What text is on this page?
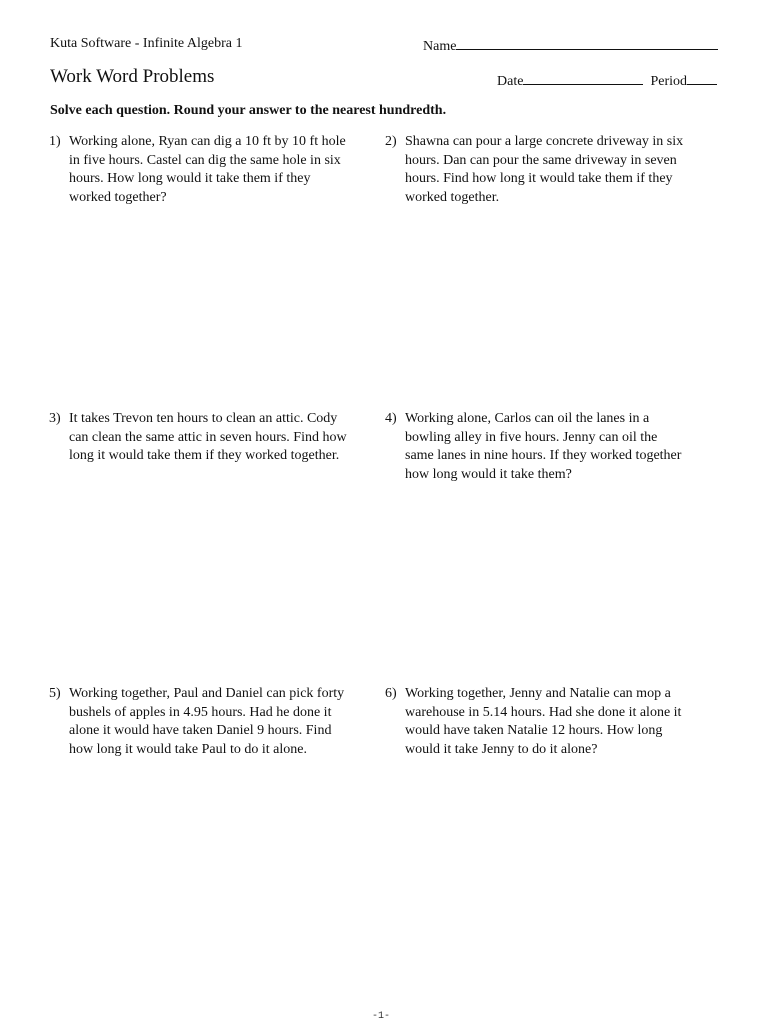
Kuta Software - Infinite Algebra 1	Name
Work Word Problems	Date	Period
Solve each question. Round your answer to the nearest hundredth.
1) Working alone, Ryan can dig a 10 ft by 10 ft hole in five hours. Castel can dig the same hole in six hours. How long would it take them if they worked together?
2) Shawna can pour a large concrete driveway in six hours. Dan can pour the same driveway in seven hours. Find how long it would take them if they worked together.
3) It takes Trevon ten hours to clean an attic. Cody can clean the same attic in seven hours. Find how long it would take them if they worked together.
4) Working alone, Carlos can oil the lanes in a bowling alley in five hours. Jenny can oil the same lanes in nine hours. If they worked together how long would it take them?
5) Working together, Paul and Daniel can pick forty bushels of apples in 4.95 hours. Had he done it alone it would have taken Daniel 9 hours. Find how long it would take Paul to do it alone.
6) Working together, Jenny and Natalie can mop a warehouse in 5.14 hours. Had she done it alone it would have taken Natalie 12 hours. How long would it take Jenny to do it alone?
-1-
